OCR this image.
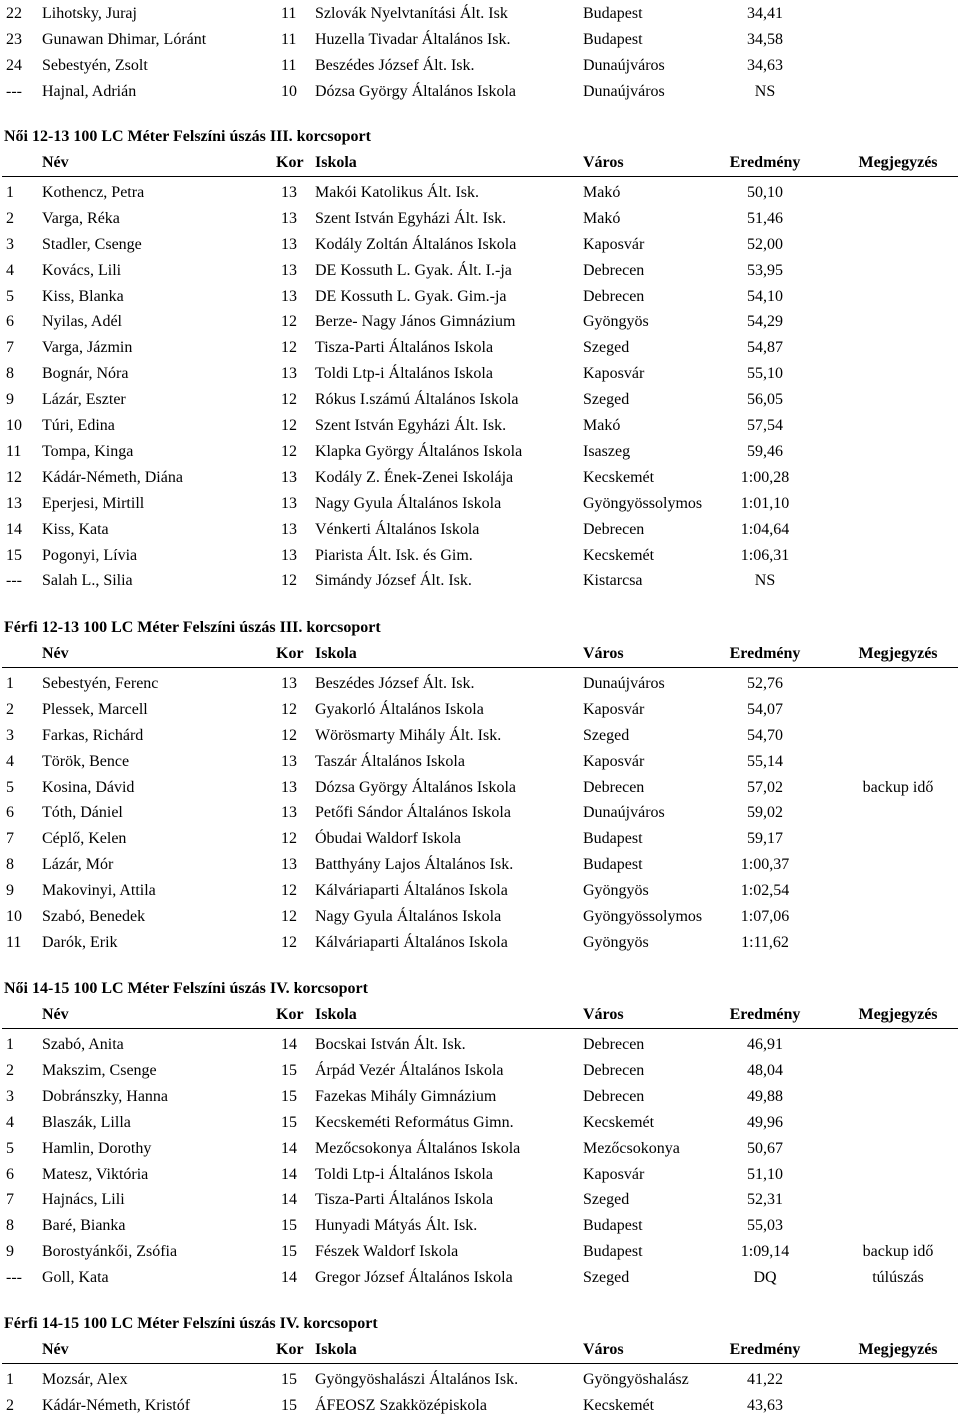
22 Lihotsky, Juraj	11 Szlovák Nyelvtanítási Ált. Isk	Budapest	34,41
23 Gunawan Dhimar, Lóránt	11 Huzella Tivadar Általános Isk.	Budapest	34,58
24 Sebestyén, Zsolt	11 Beszédes József Ált. Isk.	Dunaújváros	34,63
--- Hajnal, Adrián	10 Dózsa György Általános Iskola	Dunaújváros	NS
Női 12-13 100 LC Méter Felszíni úszás III. korcsoport
Név	Kor Iskola	Város	Eredmény	Megjegyzés
1 Kothencz, Petra	13 Makói Katolikus Ált. Isk.	Makó	50,10
2 Varga, Réka	13 Szent István Egyházi Ált. Isk.	Makó	51,46
3 Stadler, Csenge	13 Kodály Zoltán Általános Iskola	Kaposvár	52,00
4 Kovács, Lili	13 DE Kossuth L. Gyak. Ált. I.-ja	Debrecen	53,95
5 Kiss, Blanka	13 DE Kossuth L. Gyak. Gim.-ja	Debrecen	54,10
6 Nyilas, Adél	12 Berze- Nagy János Gimnázium	Gyöngyös	54,29
7 Varga, Jázmin	12 Tisza-Parti Általános Iskola	Szeged	54,87
8 Bognár, Nóra	13 Toldi Ltp-i Általános Iskola	Kaposvár	55,10
9 Lázár, Eszter	12 Rókus I.számú Általános Iskola	Szeged	56,05
10 Túri, Edina	12 Szent István Egyházi Ált. Isk.	Makó	57,54
11 Tompa, Kinga	12 Klapka György Általános Iskola	Isaszeg	59,46
12 Kádár-Németh, Diána	13 Kodály Z. Ének-Zenei Iskolája	Kecskemét	1:00,28
13 Eperjesi, Mirtill	13 Nagy Gyula Általános Iskola	Gyöngyössolymos	1:01,10
14 Kiss, Kata	13 Vénkerti Általános Iskola	Debrecen	1:04,64
15 Pogonyi, Lívia	13 Piarista Ált. Isk. és Gim.	Kecskemét	1:06,31
--- Salah L., Silia	12 Simándy József Ált. Isk.	Kistarcsa	NS
Férfi 12-13 100 LC Méter Felszíni úszás III. korcsoport
Név	Kor Iskola	Város	Eredmény	Megjegyzés
1 Sebestyén, Ferenc	13 Beszédes József Ált. Isk.	Dunaújváros	52,76
2 Plessek, Marcell	12 Gyakorló Általános Iskola	Kaposvár	54,07
3 Farkas, Richárd	12 Wörösmarty Mihály Ált. Isk.	Szeged	54,70
4 Török, Bence	13 Taszár Általános Iskola	Kaposvár	55,14
5 Kosina, Dávid	13 Dózsa György Általános Iskola	Debrecen	57,02	backup idő
6 Tóth, Dániel	13 Petőfi Sándor Általános Iskola	Dunaújváros	59,02
7 Céplő, Kelen	12 Óbudai Waldorf Iskola	Budapest	59,17
8 Lázár, Mór	13 Batthyány Lajos Általános Isk.	Budapest	1:00,37
9 Makovinyi, Attila	12 Kálváriaparti Általános Iskola	Gyöngyös	1:02,54
10 Szabó, Benedek	12 Nagy Gyula Általános Iskola	Gyöngyössolymos	1:07,06
11 Darók, Erik	12 Kálváriaparti Általános Iskola	Gyöngyös	1:11,62
Női 14-15 100 LC Méter Felszíni úszás IV. korcsoport
Név	Kor Iskola	Város	Eredmény	Megjegyzés
1 Szabó, Anita	14 Bocskai István Ált. Isk.	Debrecen	46,91
2 Makszim, Csenge	15 Árpád Vezér Általános Iskola	Debrecen	48,04
3 Dobránszky, Hanna	15 Fazekas Mihály Gimnázium	Debrecen	49,88
4 Blaszák, Lilla	15 Kecskeméti Református Gimn.	Kecskemét	49,96
5 Hamlin, Dorothy	14 Mezőcsokonya Általános Iskola	Mezőcsokonya	50,67
6 Matesz, Viktória	14 Toldi Ltp-i Általános Iskola	Kaposvár	51,10
7 Hajnács, Lili	14 Tisza-Parti Általános Iskola	Szeged	52,31
8 Baré, Bianka	15 Hunyadi Mátyás Ált. Isk.	Budapest	55,03
9 Borostyánkői, Zsófia	15 Fészek Waldorf Iskola	Budapest	1:09,14	backup idő
--- Goll, Kata	14 Gregor József Általános Iskola	Szeged	DQ	túlúszás
Férfi 14-15 100 LC Méter Felszíni úszás IV. korcsoport
Név	Kor Iskola	Város	Eredmény	Megjegyzés
1 Mozsár, Alex	15 Gyöngyöshalászi Általános Isk.	Gyöngyöshalász	41,22
2 Kádár-Németh, Kristóf	15 ÁFEOSZ Szakközépiskola	Kecskemét	43,63
